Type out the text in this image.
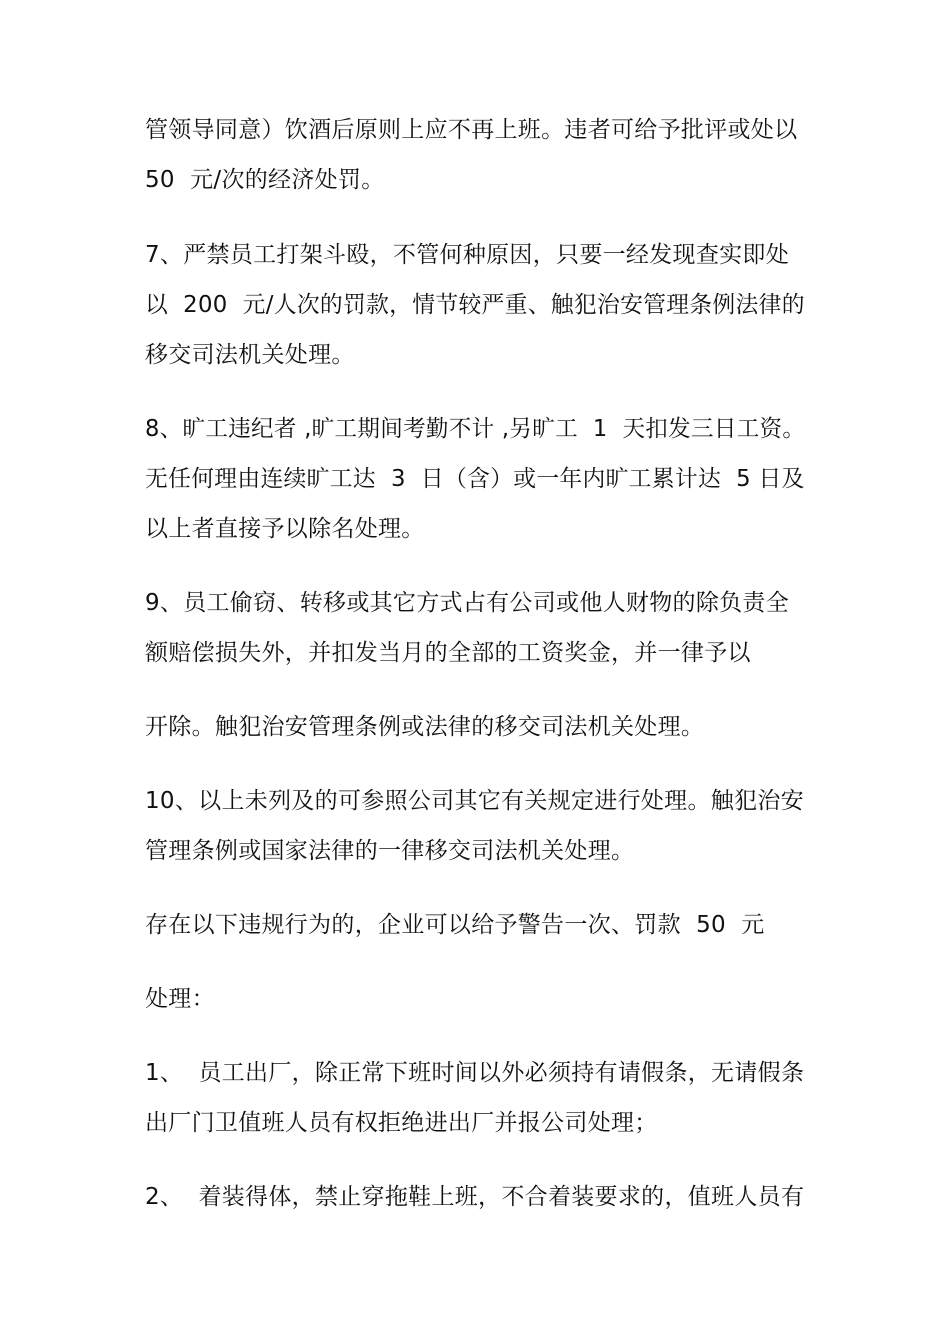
管领导同意）饮酒后原则上应不再上班。违者可给予批评或处以
50  元/次的经济处罚。
7、严禁员工打架斗殴，不管何种原因，只要一经发现查实即处
以  200  元/人次的罚款，情节较严重、触犯治安管理条例法律的
移交司法机关处理。
8、旷工违纪者 ,旷工期间考勤不计 ,另旷工  1  天扣发三日工资。
无任何理由连续旷工达  3  日（含）或一年内旷工累计达  5 日及
以上者直接予以除名处理。
9、员工偷窃、转移或其它方式占有公司或他人财物的除负责全
额赔偿损失外，并扣发当月的全部的工资奖金，并一律予以
开除。触犯治安管理条例或法律的移交司法机关处理。
10、以上未列及的可参照公司其它有关规定进行处理。触犯治安
管理条例或国家法律的一律移交司法机关处理。
存在以下违规行为的，企业可以给予警告一次、罚款  50  元
处理：
1、  员工出厂，除正常下班时间以外必须持有请假条，无请假条
出厂门卫值班人员有权拒绝进出厂并报公司处理；
2、  着装得体，禁止穿拖鞋上班，不合着装要求的，值班人员有
